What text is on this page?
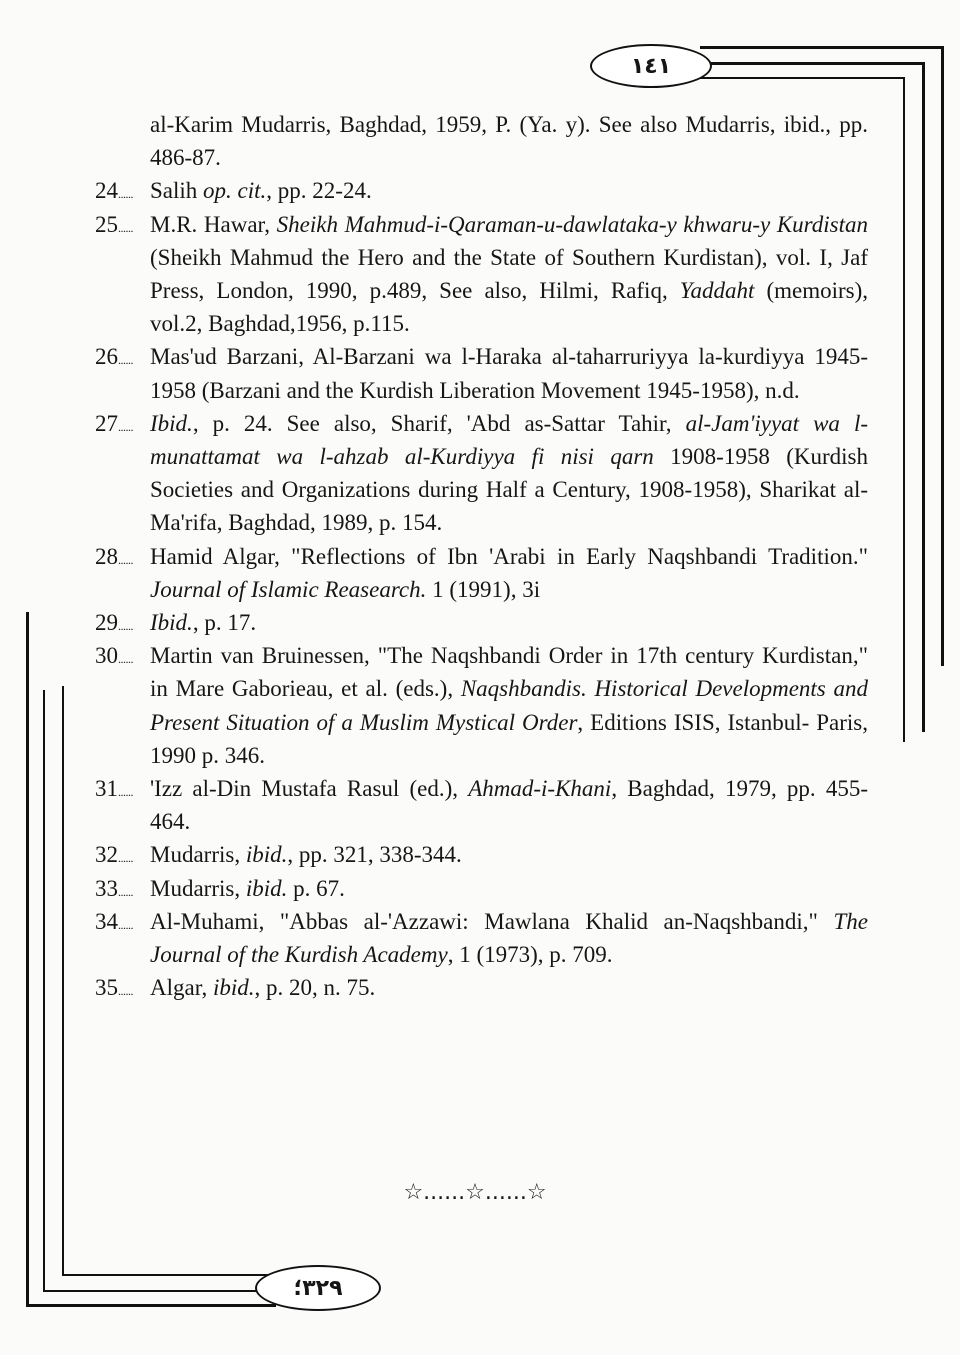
١٤١
٣٢٩؛
al-Karim Mudarris, Baghdad, 1959, P. (Ya. y). See also Mudarris, ibid., pp. 486-87.
24...... Salih op. cit., pp. 22-24.
25...... M.R. Hawar, Sheikh Mahmud-i-Qaraman-u-dawlataka-y khwaru-y Kurdistan (Sheikh Mahmud the Hero and the State of Southern Kurdistan), vol. I, Jaf Press, London, 1990, p.489, See also, Hilmi, Rafiq, Yaddaht (memoirs), vol.2, Baghdad,1956, p.115.
26...... Mas'ud Barzani, Al-Barzani wa l-Haraka al-taharruriyya la-kurdiyya 1945-1958 (Barzani and the Kurdish Liberation Movement 1945-1958), n.d.
27...... Ibid., p. 24. See also, Sharif, 'Abd as-Sattar Tahir, al-Jam'iyyat wa l-munattamat wa l-ahzab al-Kurdiyya fi nisi qarn 1908-1958 (Kurdish Societies and Organizations during Half a Century, 1908-1958), Sharikat al-Ma'rifa, Baghdad, 1989, p. 154.
28...... Hamid Algar, "Reflections of Ibn 'Arabi in Early Naqshbandi Tradition." Journal of Islamic Reasearch. 1 (1991), 3i
29...... Ibid., p. 17.
30...... Martin van Bruinessen, "The Naqshbandi Order in 17th century Kurdistan," in Mare Gaborieau, et al. (eds.), Naqshbandis. Historical Developments and Present Situation of a Muslim Mystical Order, Editions ISIS, Istanbul- Paris, 1990 p. 346.
31...... 'Izz al-Din Mustafa Rasul (ed.), Ahmad-i-Khani, Baghdad, 1979, pp. 455-464.
32...... Mudarris, ibid., pp. 321, 338-344.
33...... Mudarris, ibid. p. 67.
34...... Al-Muhami, "Abbas al-'Azzawi: Mawlana Khalid an-Naqshbandi," The Journal of the Kurdish Academy, 1 (1973), p. 709.
35...... Algar, ibid., p. 20, n. 75.
☆......☆......☆
